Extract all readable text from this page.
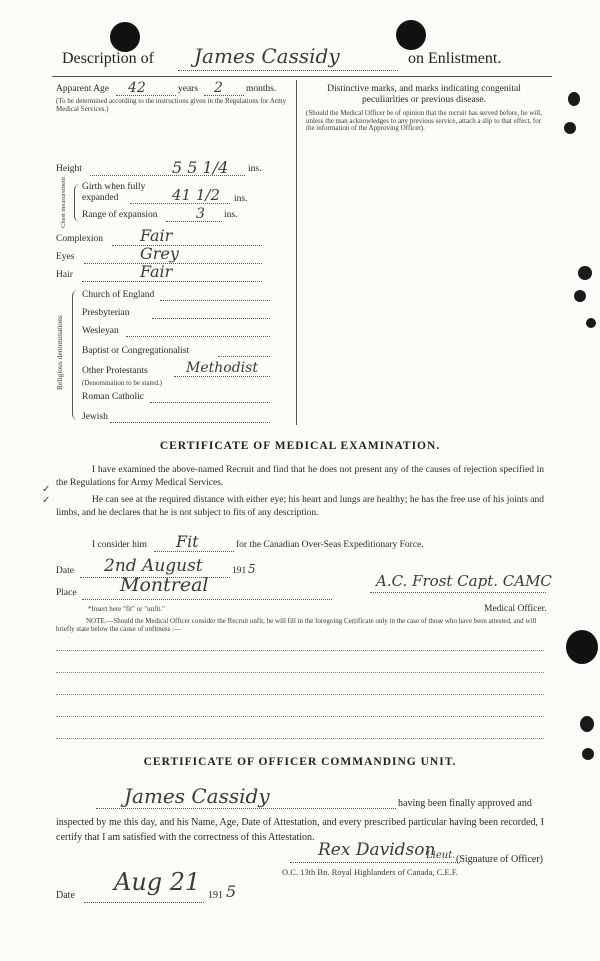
Description of James Cassidy	on Enlistment.
Apparent Age 42	years 2 months.
(To be determined according to the instructions given in the Regulations for Army Medical Services.)
Height	5 5 1/4 ins.
Chest measurement Girth when fully expanded	41 1/2 ins.
Range of expansion	3 ins.
Complexion Fair
Eyes	Grey
Hair	Fair
Religious denominations
Church of England
Presbyterian
Wesleyan
Baptist or Congregationalist
Other Protestants	Methodist
(Denomination to be stated.)
Roman Catholic
Jewish
Distinctive marks, and marks indicating congenital peculiarities or previous disease.
(Should the Medical Officer be of opinion that the recruit has served before, he will, unless the man acknowledges to any previous service, attach a slip to that effect, for the information of the Approving Officer).
CERTIFICATE OF MEDICAL EXAMINATION.
I have examined the above-named Recruit and find that he does not present any of the causes of rejection specified in the Regulations for Army Medical Services.
He can see at the required distance with either eye; his heart and lungs are healthy; he has the free use of his joints and limbs, and he declares that he is not subject to fits of any description.
✓
✓
I consider him Fit	for the Canadian Over-Seas Expeditionary Force.
Date 2nd August	191 5
Place Montreal	A.C. Frost Capt. CAMC
Medical Officer.
*Insert here "fit" or "unfit."
NOTE.—Should the Medical Officer consider the Recruit unfit, he will fill in the foregoing Certificate only in the case of those who have been attested, and will briefly state below the cause of unfitness :—
CERTIFICATE OF OFFICER COMMANDING UNIT.
James Cassidy	having been finally approved and
inspected by me this day, and his Name, Age, Date of Attestation, and every prescribed particular having been recorded, I certify that I am satisfied with the correctness of this Attestation.
Rex Davidson
Lieut. (Signature of Officer)
O.C. 13th Bn. Royal Highlanders of Canada, C.E.F.
Date Aug 21 191 5
